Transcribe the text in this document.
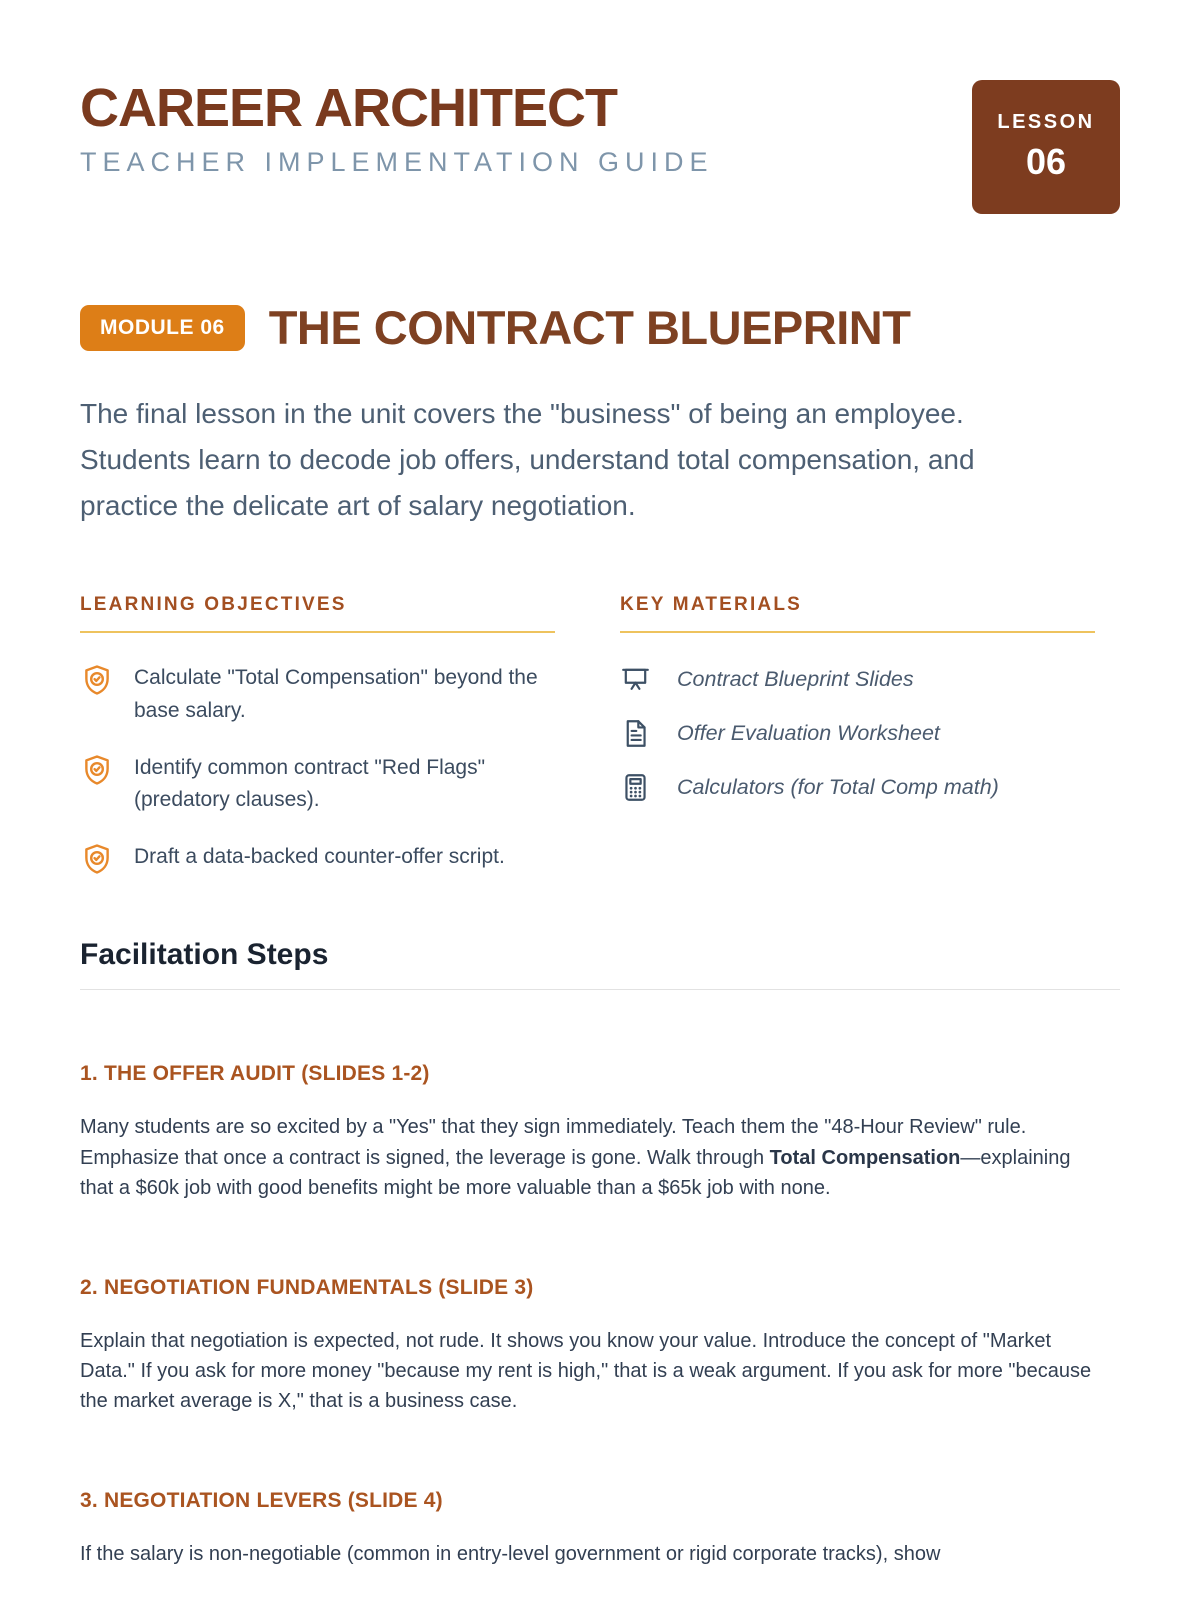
CAREER ARCHITECT
TEACHER IMPLEMENTATION GUIDE
LESSON
06
MODULE 06 THE CONTRACT BLUEPRINT

The final lesson in the unit covers the "business" of being an employee. Students learn to decode job offers, understand total compensation, and practice the delicate art of salary negotiation.

LEARNING OBJECTIVES
Calculate "Total Compensation" beyond the base salary.
Identify common contract "Red Flags" (predatory clauses).
Draft a data-backed counter-offer script.
KEY MATERIALS
Contract Blueprint Slides
Offer Evaluation Worksheet
Calculators (for Total Comp math)
Facilitation Steps
1. THE OFFER AUDIT (SLIDES 1-2)

Many students are so excited by a "Yes" that they sign immediately. Teach them the "48-Hour Review" rule. Emphasize that once a contract is signed, the leverage is gone. Walk through Total Compensation—explaining that a $60k job with good benefits might be more valuable than a $65k job with none.

2. NEGOTIATION FUNDAMENTALS (SLIDE 3)

Explain that negotiation is expected, not rude. It shows you know your value. Introduce the concept of "Market Data." If you ask for more money "because my rent is high," that is a weak argument. If you ask for more "because the market average is X," that is a business case.

3. NEGOTIATION LEVERS (SLIDE 4)

If the salary is non-negotiable (common in entry-level government or rigid corporate tracks), show
